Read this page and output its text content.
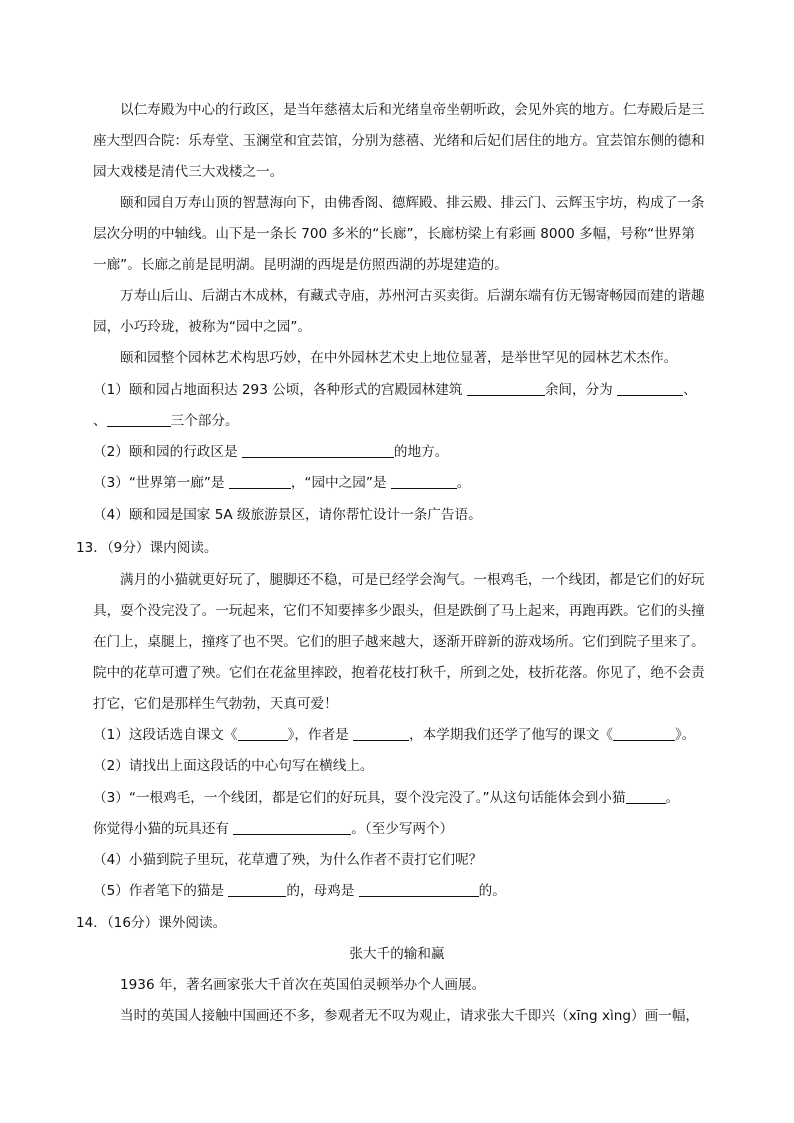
以仁寿殿为中心的行政区，是当年慈禧太后和光绪皇帝坐朝听政，会见外宾的地方。仁寿殿后是三
座大型四合院：乐寿堂、玉澜堂和宜芸馆，分别为慈禧、光绪和后妃们居住的地方。宜芸馆东侧的德和
园大戏楼是清代三大戏楼之一。
颐和园自万寿山顶的智慧海向下，由佛香阁、德辉殿、排云殿、排云门、云辉玉宇坊，构成了一条
层次分明的中轴线。山下是一条长 700 多米的“长廊”，长廊枋梁上有彩画 8000 多幅，号称“世界第
一廊”。长廊之前是昆明湖。昆明湖的西堤是仿照西湖的苏堤建造的。
万寿山后山、后湖古木成林，有藏式寺庙，苏州河古买卖街。后湖东端有仿无锡寄畅园而建的谐趣
园，小巧玲珑，被称为“园中之园”。
颐和园整个园林艺术构思巧妙，在中外园林艺术史上地位显著，是举世罕见的园林艺术杰作。
（1）颐和园占地面积达 293 公顷，各种形式的宫殿园林建筑	余间，分为	、
、	三个部分。
（2）颐和园的行政区是	的地方。
（3）“世界第一廊”是	，“园中之园”是	。
（4）颐和园是国家 5A 级旅游景区，请你帮忙设计一条广告语。
13．（9分）课内阅读。
满月的小猫就更好玩了，腿脚还不稳，可是已经学会淘气。一根鸡毛，一个线团，都是它们的好玩
具，耍个没完没了。一玩起来，它们不知要摔多少跟头，但是跌倒了马上起来，再跑再跌。它们的头撞
在门上，桌腿上，撞疼了也不哭。它们的胆子越来越大，逐渐开辟新的游戏场所。它们到院子里来了。
院中的花草可遭了殃。它们在花盆里摔跤，抱着花枝打秋千，所到之处，枝折花落。你见了，绝不会责
打它，它们是那样生气勃勃，天真可爱！
（1）这段话选自课文《	》，作者是	，本学期我们还学了他写的课文《	》。
（2）请找出上面这段话的中心句写在横线上。
（3）“一根鸡毛，一个线团，都是它们的好玩具，耍个没完没了。”从这句话能体会到小猫	。
你觉得小猫的玩具还有	。（至少写两个）
（4）小猫到院子里玩，花草遭了殃，为什么作者不责打它们呢？
（5）作者笔下的猫是	的，母鸡是	的。
14．（16分）课外阅读。
张大千的输和赢
1936 年，著名画家张大千首次在英国伯灵顿举办个人画展。
当时的英国人接触中国画还不多，参观者无不叹为观止，请求张大千即兴（xīng xìng）画一幅，
